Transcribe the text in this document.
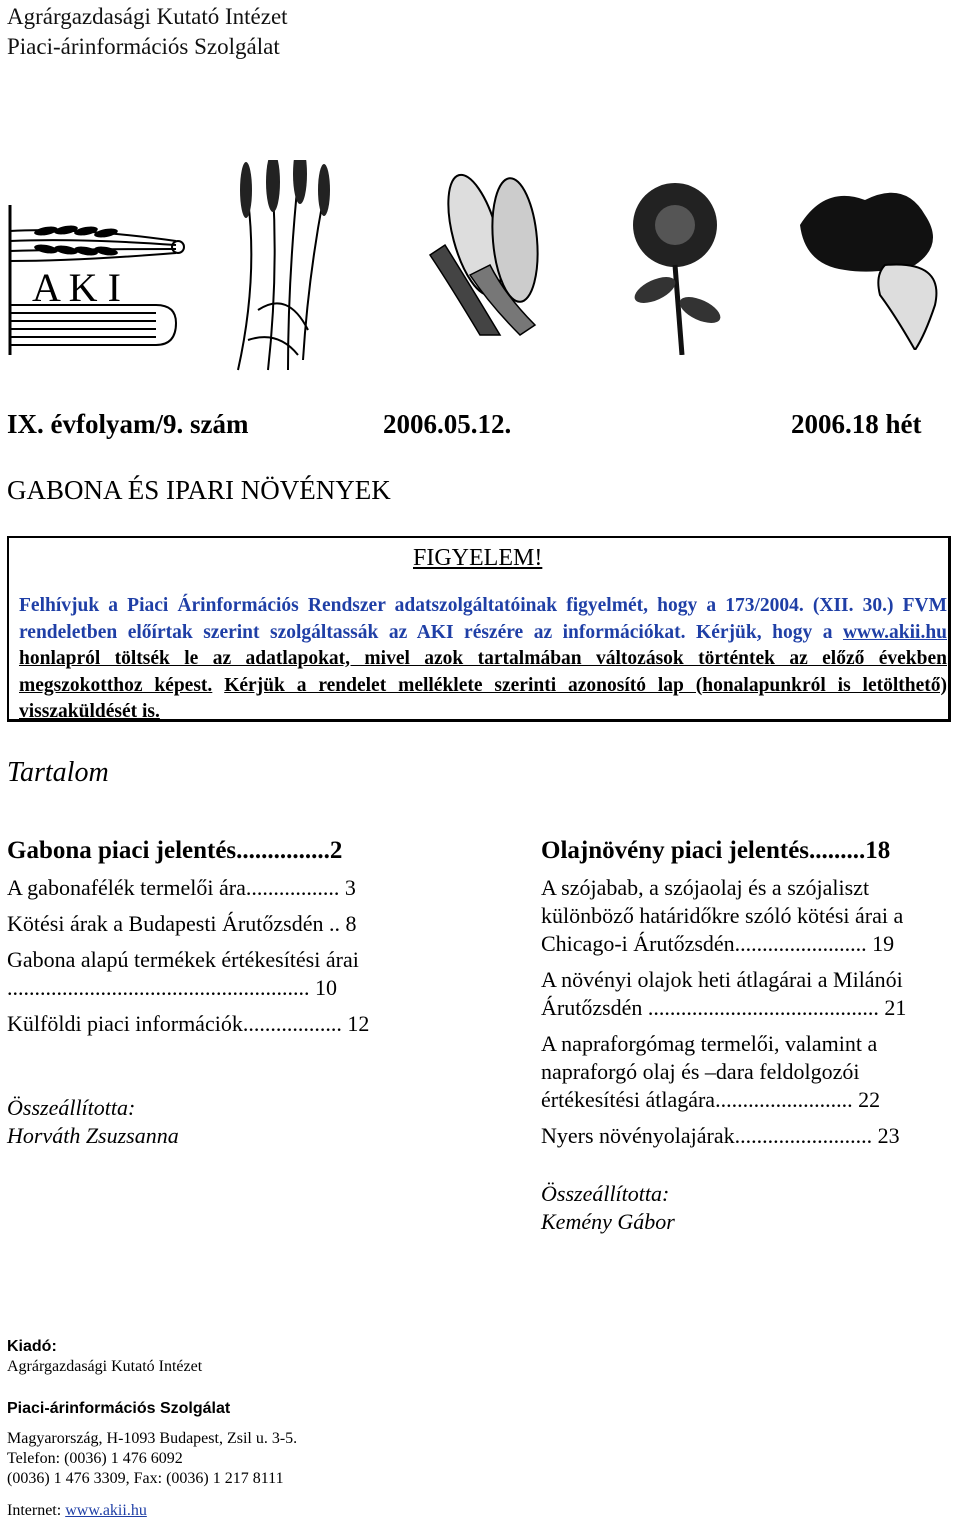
Agrárgazdasági Kutató Intézet
Piaci-árinformációs Szolgálat
A K I
IX. évfolyam/9. szám	2006.05.12.	2006.18 hét
GABONA ÉS IPARI NÖVÉNYEK
FIGYELEM!
Felhívjuk a Piaci Árinformációs Rendszer adatszolgáltatóinak figyelmét, hogy a 173/2004. (XII. 30.) FVM rendeletben előírtak szerint szolgáltassák az AKI részére az információkat. Kérjük, hogy a www.akii.hu honlapról töltsék le az adatlapokat, mivel azok tartalmában változások történtek az előző években megszokotthoz képest. Kérjük a rendelet melléklete szerinti azonosító lap (honalapunkról is letölthető) visszaküldését is.
Tartalom
Gabona piaci jelentés...............2
A gabonafélék termelői ára................. 3
Kötési árak a Budapesti Árutőzsdén .. 8
Gabona alapú termékek értékesítési árai ....................................................... 10
Külföldi piaci információk.................. 12
Összeállította:
Horváth Zsuzsanna
Olajnövény piaci jelentés.........18
A szójabab, a szójaolaj és a szójaliszt különböző határidőkre szóló kötési árai a Chicago-i Árutőzsdén........................ 19
A növényi olajok heti átlagárai a Milánói Árutőzsdén .......................................... 21
A napraforgómag termelői, valamint a napraforgó olaj és –dara feldolgozói értékesítési átlagára......................... 22
Nyers növényolajárak......................... 23
Összeállította:
Kemény Gábor
Kiadó:
Agrárgazdasági Kutató Intézet
Piaci-árinformációs Szolgálat
Magyarország, H-1093 Budapest, Zsil u. 3-5.
Telefon: (0036) 1 476 6092
(0036) 1 476 3309, Fax: (0036) 1 217 8111
Internet: www.akii.hu
